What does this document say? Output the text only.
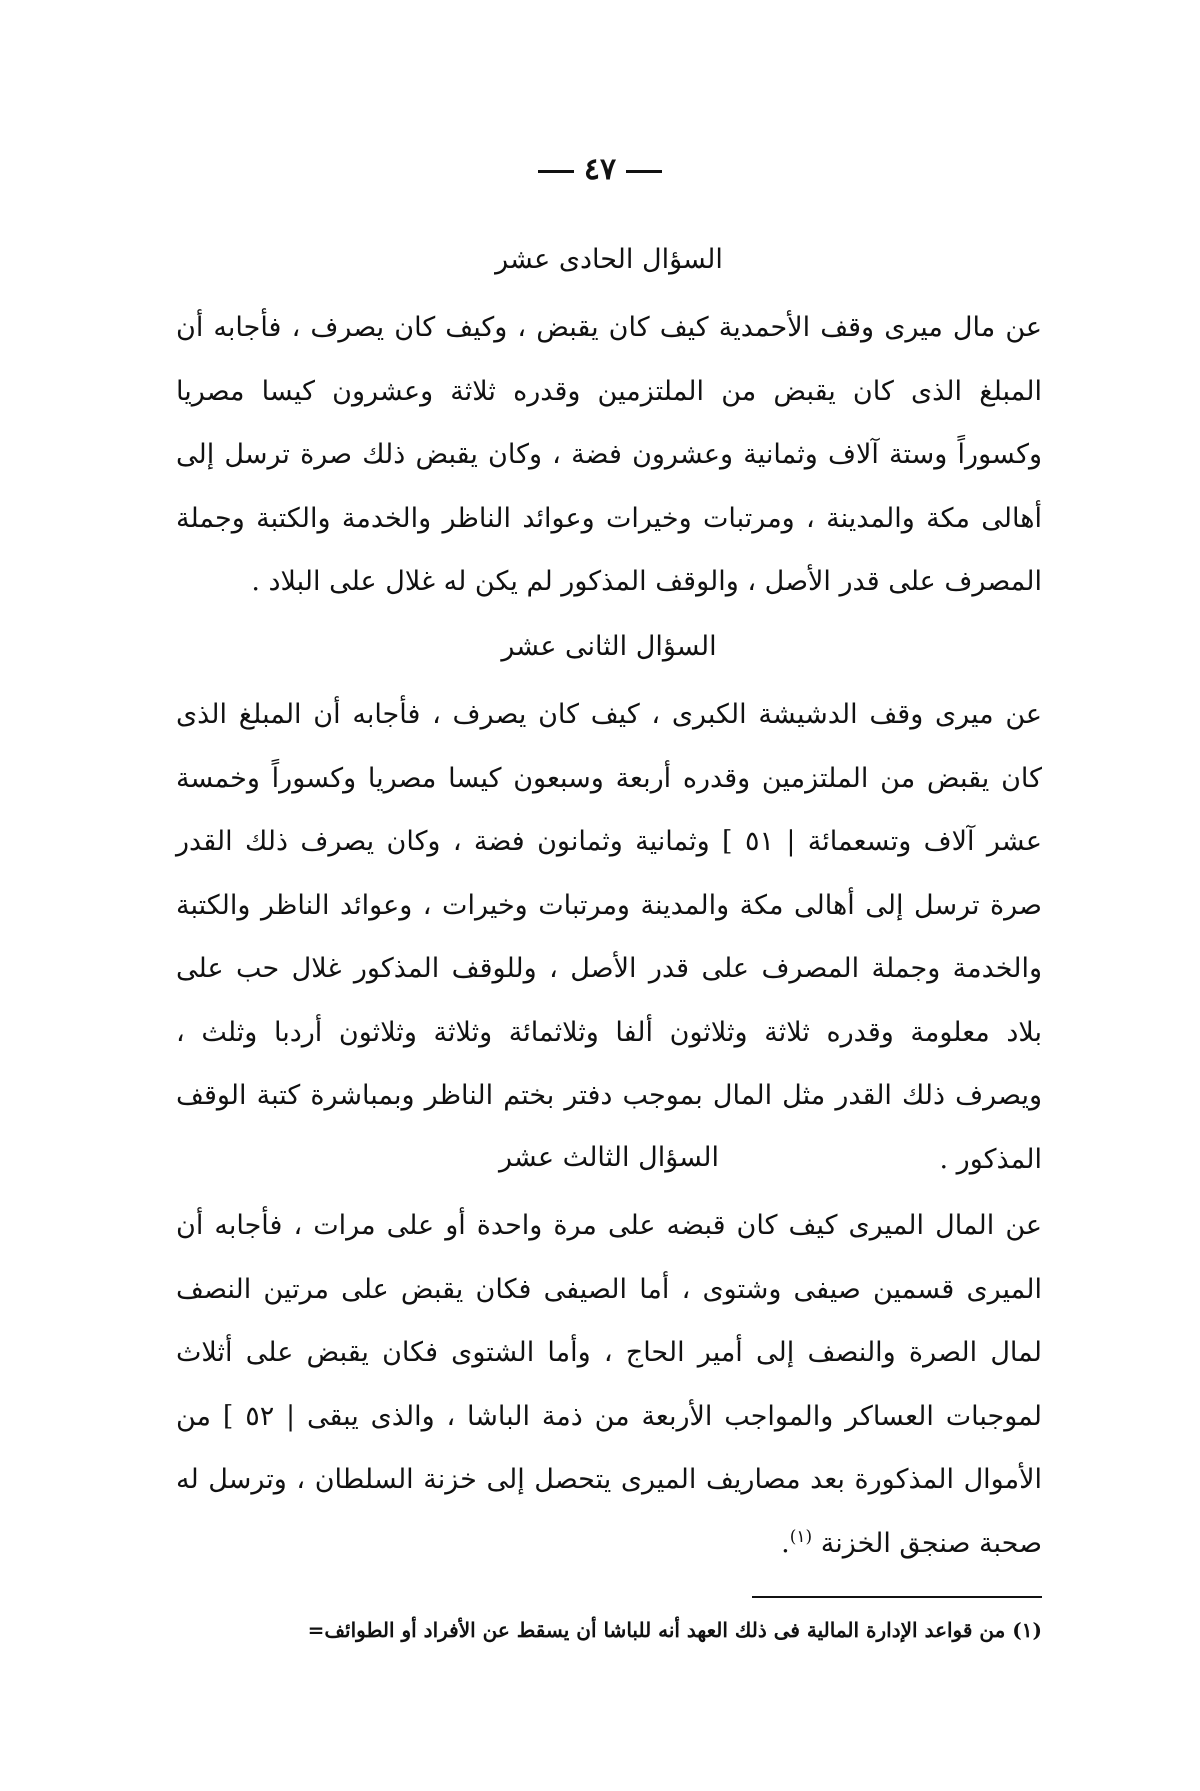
٤٧
السؤال الحادى عشر
عن مال ميرى وقف الأحمدية كيف كان يقبض ، وكيف كان يصرف ، فأجابه أن المبلغ الذى كان يقبض من الملتزمين وقدره ثلاثة وعشرون كيسا مصريا وكسوراً وستة آلاف وثمانية وعشرون فضة ، وكان يقبض ذلك صرة ترسل إلى أهالى مكة والمدينة ، ومرتبات وخيرات وعوائد الناظر والخدمة والكتبة وجملة المصرف على قدر الأصل ، والوقف المذكور لم يكن له غلال على البلاد .
السؤال الثانى عشر
عن ميرى وقف الدشيشة الكبرى ، كيف كان يصرف ، فأجابه أن المبلغ الذى كان يقبض من الملتزمين وقدره أربعة وسبعون كيسا مصريا وكسوراً وخمسة عشر آلاف وتسعمائة | ٥١ ] وثمانية وثمانون فضة ، وكان يصرف ذلك القدر صرة ترسل إلى أهالى مكة والمدينة ومرتبات وخيرات ، وعوائد الناظر والكتبة والخدمة وجملة المصرف على قدر الأصل ، وللوقف المذكور غلال حب على بلاد معلومة وقدره ثلاثة وثلاثون ألفا وثلاثمائة وثلاثة وثلاثون أردبا وثلث ، ويصرف ذلك القدر مثل المال بموجب دفتر بختم الناظر وبمباشرة كتبة الوقف المذكور .
السؤال الثالث عشر
عن المال الميرى كيف كان قبضه على مرة واحدة أو على مرات ، فأجابه أن الميرى قسمين صيفى وشتوى ، أما الصيفى فكان يقبض على مرتين النصف لمال الصرة والنصف إلى أمير الحاج ، وأما الشتوى فكان يقبض على أثلاث لموجبات العساكر والمواجب الأربعة من ذمة الباشا ، والذى يبقى | ٥٢ ] من الأموال المذكورة بعد مصاريف الميرى يتحصل إلى خزنة السلطان ، وترسل له صحبة صنجق الخزنة $^{(١)}$.
(١) من قواعد الإدارة المالية فى ذلك العهد أنه للباشا أن يسقط عن الأفراد أو الطوائف=
